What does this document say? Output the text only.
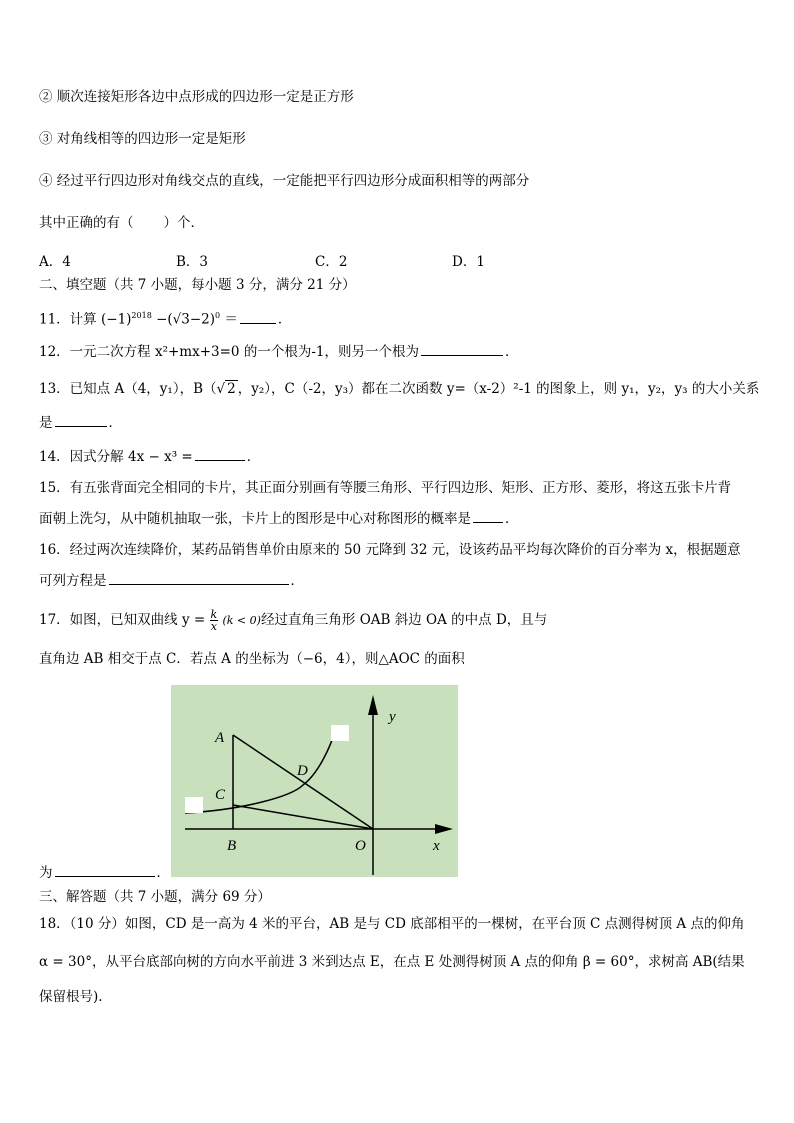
② 顺次连接矩形各边中点形成的四边形一定是正方形
③ 对角线相等的四边形一定是矩形
④ 经过平行四边形对角线交点的直线，一定能把平行四边形分成面积相等的两部分
其中正确的有（ ）个．
A．4	B．3	C．2	D．1
二、填空题（共 7 小题，每小题 3 分，满分 21 分）
11．计算 $(-1)^{2018} -(√3-2)^0$ ＝	．
12．一元二次方程 x²+mx+3=0 的一个根为-1，则另一个根为	．
13．已知点 A（4，y₁），B（√ 2 ，y₂），C（-2，y₃）都在二次函数 y=（x-2）²-1 的图象上，则 y₁，y₂，y₃ 的大小关系
是	．
14．因式分解 4x − x³ =	．
15．有五张背面完全相同的卡片，其正面分别画有等腰三角形、平行四边形、矩形、正方形、菱形，将这五张卡片背
面朝上洗匀，从中随机抽取一张，卡片上的图形是中心对称图形的概率是	．
16．经过两次连续降价，某药品销售单价由原来的 50 元降到 32 元，设该药品平均每次降价的百分率为 x，根据题意
可列方程是	．
17．如图，已知双曲线 $y = \frac{k}{x} (k < 0)$经过直角三角形 OAB 斜边 OA 的中点 D，且与
直角边 AB 相交于点 C．若点 A 的坐标为（−6，4），则△AOC 的面积
A
C
D
B	O	x
y
为	．
三、解答题（共 7 小题，满分 69 分）
18．（10 分）如图，CD 是一高为 4 米的平台，AB 是与 CD 底部相平的一棵树，在平台顶 C 点测得树顶 A 点的仰角
α = 30°，从平台底部向树的方向水平前进 3 米到达点 E，在点 E 处测得树顶 A 点的仰角 β = 60°，求树高 AB(结果
保留根号).
